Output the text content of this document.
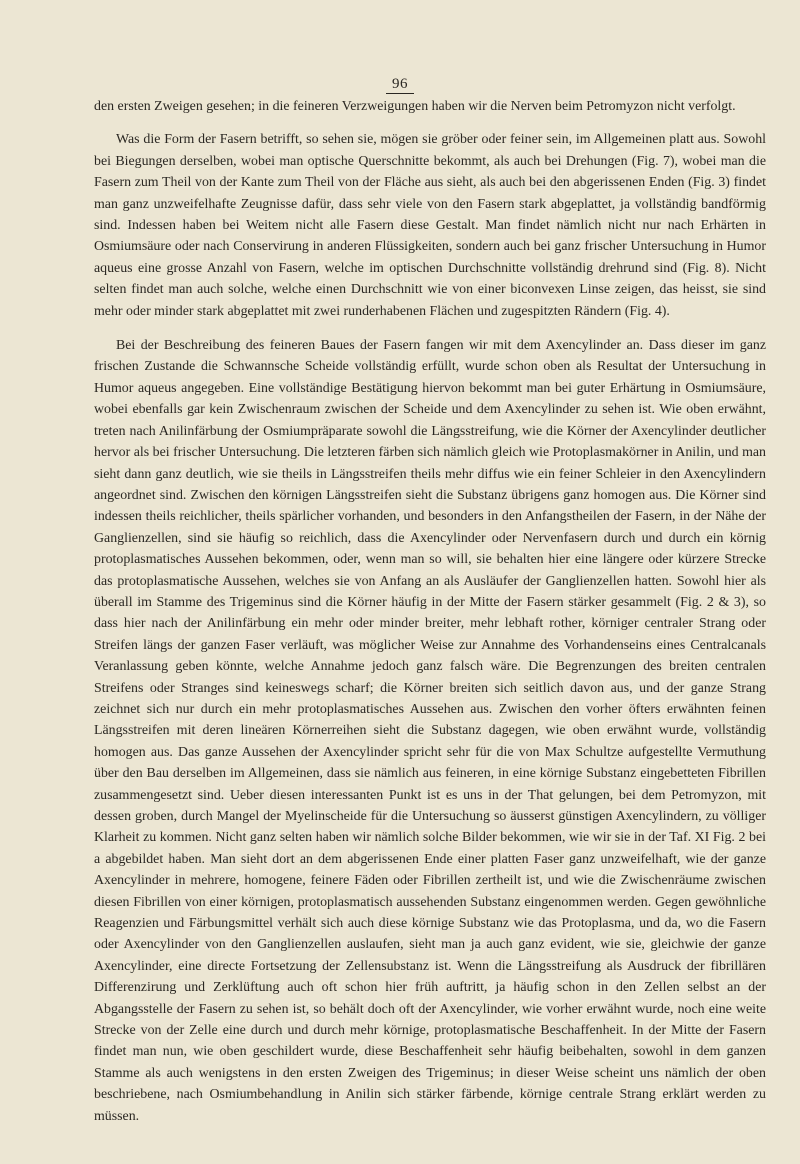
96

den ersten Zweigen gesehen; in die feineren Verzweigungen haben wir die Nerven beim Petromyzon nicht verfolgt.

Was die Form der Fasern betrifft, so sehen sie, mögen sie gröber oder feiner sein, im Allgemeinen platt aus. Sowohl bei Biegungen derselben, wobei man optische Querschnitte bekommt, als auch bei Drehungen (Fig. 7), wobei man die Fasern zum Theil von der Kante zum Theil von der Fläche aus sieht, als auch bei den abgerissenen Enden (Fig. 3) findet man ganz unzweifelhafte Zeugnisse dafür, dass sehr viele von den Fasern stark abgeplattet, ja vollständig bandförmig sind. Indessen haben bei Weitem nicht alle Fasern diese Gestalt. Man findet nämlich nicht nur nach Erhärten in Osmiumsäure oder nach Conservirung in anderen Flüssigkeiten, sondern auch bei ganz frischer Untersuchung in Humor aqueus eine grosse Anzahl von Fasern, welche im optischen Durchschnitte vollständig drehrund sind (Fig. 8). Nicht selten findet man auch solche, welche einen Durchschnitt wie von einer biconvexen Linse zeigen, das heisst, sie sind mehr oder minder stark abgeplattet mit zwei runderhabenen Flächen und zugespitzten Rändern (Fig. 4).

Bei der Beschreibung des feineren Baues der Fasern fangen wir mit dem Axencylinder an. Dass dieser im ganz frischen Zustande die Schwannsche Scheide vollständig erfüllt, wurde schon oben als Resultat der Untersuchung in Humor aqueus angegeben. Eine vollständige Bestätigung hiervon bekommt man bei guter Erhärtung in Osmiumsäure, wobei ebenfalls gar kein Zwischenraum zwischen der Scheide und dem Axencylinder zu sehen ist. Wie oben erwähnt, treten nach Anilinfärbung der Osmiumpräparate sowohl die Längsstreifung, wie die Körner der Axencylinder deutlicher hervor als bei frischer Untersuchung. Die letzteren färben sich nämlich gleich wie Protoplasmakörner in Anilin, und man sieht dann ganz deutlich, wie sie theils in Längsstreifen theils mehr diffus wie ein feiner Schleier in den Axencylindern angeordnet sind. Zwischen den körnigen Längsstreifen sieht die Substanz übrigens ganz homogen aus. Die Körner sind indessen theils reichlicher, theils spärlicher vorhanden, und besonders in den Anfangstheilen der Fasern, in der Nähe der Ganglienzellen, sind sie häufig so reichlich, dass die Axencylinder oder Nervenfasern durch und durch ein körnig protoplasmatisches Aussehen bekommen, oder, wenn man so will, sie behalten hier eine längere oder kürzere Strecke das protoplasmatische Aussehen, welches sie von Anfang an als Ausläufer der Ganglienzellen hatten. Sowohl hier als überall im Stamme des Trigeminus sind die Körner häufig in der Mitte der Fasern stärker gesammelt (Fig. 2 & 3), so dass hier nach der Anilinfärbung ein mehr oder minder breiter, mehr lebhaft rother, körniger centraler Strang oder Streifen längs der ganzen Faser verläuft, was möglicher Weise zur Annahme des Vorhandenseins eines Centralcanals Veranlassung geben könnte, welche Annahme jedoch ganz falsch wäre. Die Begrenzungen des breiten centralen Streifens oder Stranges sind keineswegs scharf; die Körner breiten sich seitlich davon aus, und der ganze Strang zeichnet sich nur durch ein mehr protoplasmatisches Aussehen aus. Zwischen den vorher öfters erwähnten feinen Längsstreifen mit deren lineären Körnerreihen sieht die Substanz dagegen, wie oben erwähnt wurde, vollständig homogen aus. Das ganze Aussehen der Axencylinder spricht sehr für die von Max Schultze aufgestellte Vermuthung über den Bau derselben im Allgemeinen, dass sie nämlich aus feineren, in eine körnige Substanz eingebetteten Fibrillen zusammengesetzt sind. Ueber diesen interessanten Punkt ist es uns in der That gelungen, bei dem Petromyzon, mit dessen groben, durch Mangel der Myelinscheide für die Untersuchung so äusserst günstigen Axencylindern, zu völliger Klarheit zu kommen. Nicht ganz selten haben wir nämlich solche Bilder bekommen, wie wir sie in der Taf. XI Fig. 2 bei a abgebildet haben. Man sieht dort an dem abgerissenen Ende einer platten Faser ganz unzweifelhaft, wie der ganze Axencylinder in mehrere, homogene, feinere Fäden oder Fibrillen zertheilt ist, und wie die Zwischenräume zwischen diesen Fibrillen von einer körnigen, protoplasmatisch aussehenden Substanz eingenommen werden. Gegen gewöhnliche Reagenzien und Färbungsmittel verhält sich auch diese körnige Substanz wie das Protoplasma, und da, wo die Fasern oder Axencylinder von den Ganglienzellen auslaufen, sieht man ja auch ganz evident, wie sie, gleichwie der ganze Axencylinder, eine directe Fortsetzung der Zellensubstanz ist. Wenn die Längsstreifung als Ausdruck der fibrillären Differenzirung und Zerklüftung auch oft schon hier früh auftritt, ja häufig schon in den Zellen selbst an der Abgangsstelle der Fasern zu sehen ist, so behält doch oft der Axencylinder, wie vorher erwähnt wurde, noch eine weite Strecke von der Zelle eine durch und durch mehr körnige, protoplasmatische Beschaffenheit. In der Mitte der Fasern findet man nun, wie oben geschildert wurde, diese Beschaffenheit sehr häufig beibehalten, sowohl in dem ganzen Stamme als auch wenigstens in den ersten Zweigen des Trigeminus; in dieser Weise scheint uns nämlich der oben beschriebene, nach Osmiumbehandlung in Anilin sich stärker färbende, körnige centrale Strang erklärt werden zu müssen.
